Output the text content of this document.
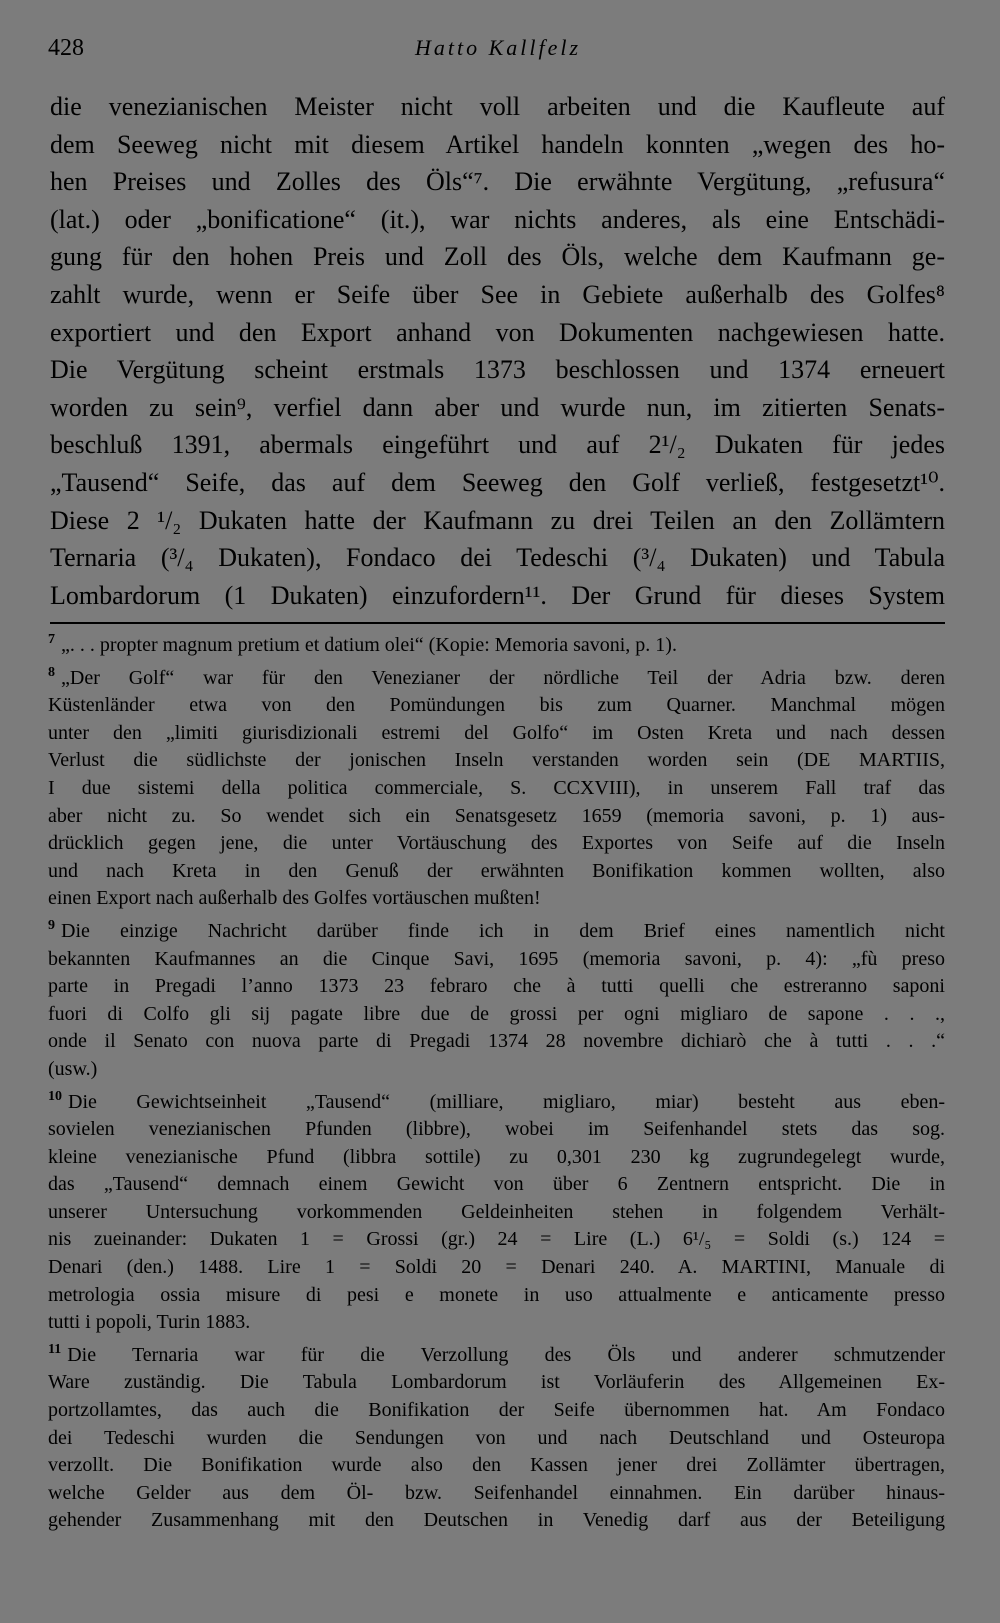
428	Hatto Kallfelz
die venezianischen Meister nicht voll arbeiten und die Kaufleute auf
dem Seeweg nicht mit diesem Artikel handeln konnten „wegen des ho-
hen Preises und Zolles des Öls“⁷. Die erwähnte Vergütung, „refusura“
(lat.) oder „bonificatione“ (it.), war nichts anderes, als eine Entschädi-
gung für den hohen Preis und Zoll des Öls, welche dem Kaufmann ge-
zahlt wurde, wenn er Seife über See in Gebiete außerhalb des Golfes⁸
exportiert und den Export anhand von Dokumenten nachgewiesen hatte.
Die Vergütung scheint erstmals 1373 beschlossen und 1374 erneuert
worden zu sein⁹, verfiel dann aber und wurde nun, im zitierten Senats-
beschluß 1391, abermals eingeführt und auf 2¹/₂ Dukaten für jedes
„Tausend“ Seife, das auf dem Seeweg den Golf verließ, festgesetzt¹⁰.
Diese 2 ¹/₂ Dukaten hatte der Kaufmann zu drei Teilen an den Zollämtern
Ternaria (³/₄ Dukaten), Fondaco dei Tedeschi (³/₄ Dukaten) und Tabula
Lombardorum (1 Dukaten) einzufordern¹¹. Der Grund für dieses System
$^7$ „. . . propter magnum pretium et datium olei“ (Kopie: Memoria savoni, p. 1).
$^8$ „Der Golf“ war für den Venezianer der nördliche Teil der Adria bzw. deren
Küstenländer etwa von den Pomündungen bis zum Quarner. Manchmal mögen
unter den „limiti giurisdizionali estremi del Golfo“ im Osten Kreta und nach dessen
Verlust die südlichste der jonischen Inseln verstanden worden sein (DE MARTIIS,
I due sistemi della politica commerciale, S. CCXVIII), in unserem Fall traf das
aber nicht zu. So wendet sich ein Senatsgesetz 1659 (memoria savoni, p. 1) aus-
drücklich gegen jene, die unter Vortäuschung des Exportes von Seife auf die Inseln
und nach Kreta in den Genuß der erwähnten Bonifikation kommen wollten, also
einen Export nach außerhalb des Golfes vortäuschen mußten!
$^9$ Die einzige Nachricht darüber finde ich in dem Brief eines namentlich nicht
bekannten Kaufmannes an die Cinque Savi, 1695 (memoria savoni, p. 4): „fù preso
parte in Pregadi l’anno 1373 23 febraro che à tutti quelli che estreranno saponi
fuori di Colfo gli sij pagate libre due de grossi per ogni migliaro de sapone . . .,
onde il Senato con nuova parte di Pregadi 1374 28 novembre dichiarò che à tutti . . .“
(usw.)
$^{10}$ Die Gewichtseinheit „Tausend“ (milliare, migliaro, miar) besteht aus eben-
sovielen venezianischen Pfunden (libbre), wobei im Seifenhandel stets das sog.
kleine venezianische Pfund (libbra sottile) zu 0,301 230 kg zugrundegelegt wurde,
das „Tausend“ demnach einem Gewicht von über 6 Zentnern entspricht. Die in
unserer Untersuchung vorkommenden Geldeinheiten stehen in folgendem Verhält-
nis zueinander: Dukaten 1 = Grossi (gr.) 24 = Lire (L.) 6¹/₅ = Soldi (s.) 124 =
Denari (den.) 1488. Lire 1 = Soldi 20 = Denari 240. A. MARTINI, Manuale di
metrologia ossia misure di pesi e monete in uso attualmente e anticamente presso
tutti i popoli, Turin 1883.
$^{11}$ Die Ternaria war für die Verzollung des Öls und anderer schmutzender
Ware zuständig. Die Tabula Lombardorum ist Vorläuferin des Allgemeinen Ex-
portzollamtes, das auch die Bonifikation der Seife übernommen hat. Am Fondaco
dei Tedeschi wurden die Sendungen von und nach Deutschland und Osteuropa
verzollt. Die Bonifikation wurde also den Kassen jener drei Zollämter übertragen,
welche Gelder aus dem Öl- bzw. Seifenhandel einnahmen. Ein darüber hinaus-
gehender Zusammenhang mit den Deutschen in Venedig darf aus der Beteiligung
